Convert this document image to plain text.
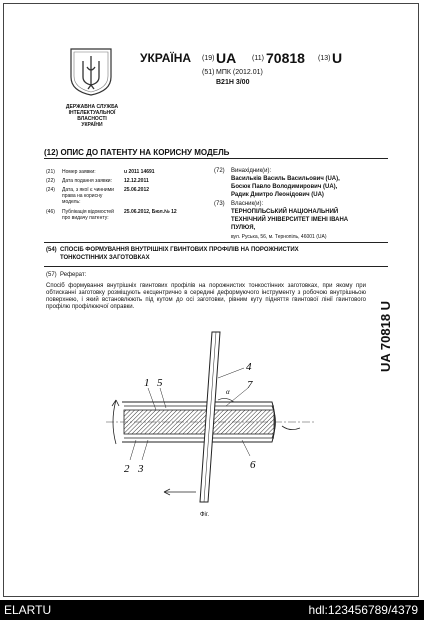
ДЕРЖАВНА СЛУЖБА
ІНТЕЛЕКТУАЛЬНОЇ
ВЛАСНОСТІ
УКРАЇНИ
УКРАЇНА (19) UA (11) 70818 (13) U
(51) МПК (2012.01)
B21H 3/00
(12) ОПИС ДО ПАТЕНТУ НА КОРИСНУ МОДЕЛЬ
(21) Номер заявки:	u 2011 14691
(22) Дата подання заявки: 12.12.2011
(24) Дата, з якої є чинними права на корисну модель:
25.06.2012
(46) Публікація відомостей про видачу патенту:
25.06.2012, Бюл.№ 12
(72) Винахідник(и):
Васильків Василь Васильович (UA),
Босюк Павло Володимирович (UA),
Радик Дмитро Леонідович (UA)
(73) Власник(и):
ТЕРНОПІЛЬСЬКИЙ НАЦІОНАЛЬНИЙ
ТЕХНІЧНИЙ УНІВЕРСИТЕТ ІМЕНІ ІВАНА
ПУЛЮЯ,
вул. Руська, 56, м. Тернопіль, 46001 (UA)
(54) СПОСІБ ФОРМУВАННЯ ВНУТРІШНІХ ГВИНТОВИХ ПРОФІЛІВ НА ПОРОЖНИСТИХ
ТОНКОСТІННИХ ЗАГОТОВКАХ
(57) Реферат:
Спосіб формування внутрішніх гвинтових профілів на порожнистих тонкостінних заготовках, при якому при обтисканні заготовку розміщують ексцентрично в середині деформуючого інструменту з робочою внутрішньою поверхнею, і який встановлюють під кутом до осі заготовки, рівним куту підняття гвинтової лінії гвинтового профілю профілюючої оправки.	UA 70818 U
1 5
4
7
2 3	6
α
Фіг.
ELARTU	hdl:123456789/4379
